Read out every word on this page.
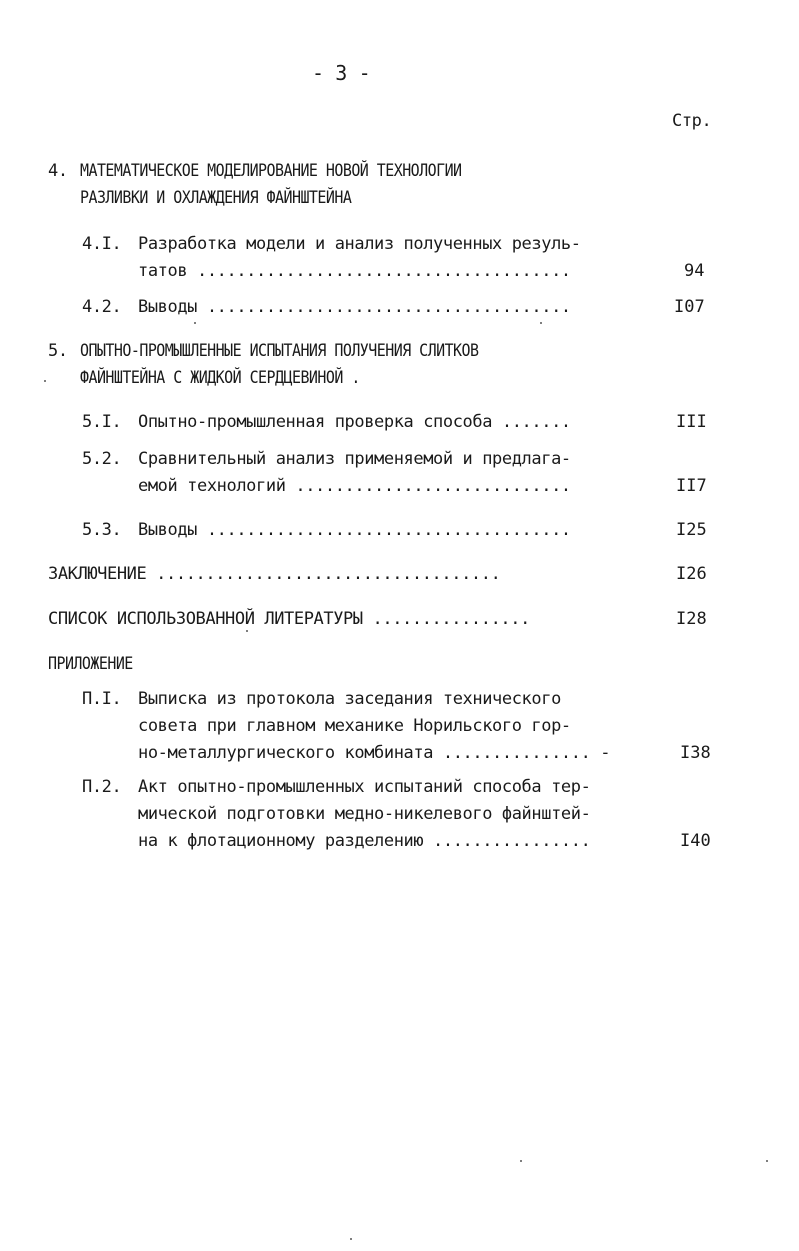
- 3 -
Стр.
4. МАТЕМАТИЧЕСКОЕ МОДЕЛИРОВАНИЕ НОВОЙ ТЕХНОЛОГИИ
РАЗЛИВКИ И ОХЛАЖДЕНИЯ ФАЙНШТЕЙНА
4.I. Разработка модели и анализ полученных резуль-
татов ......................................	94
4.2. Выводы .....................................	I07
5. ОПЫТНО-ПРОМЫШЛЕННЫЕ ИСПЫТАНИЯ ПОЛУЧЕНИЯ СЛИТКОВ
ФАЙНШТЕЙНА С ЖИДКОЙ СЕРДЦЕВИНОЙ .
5.I. Опытно-промышленная проверка способа .......	III
5.2. Сравнительный анализ применяемой и предлага-
емой технологий ............................	II7
5.3. Выводы .....................................	I25
ЗАКЛЮЧЕНИЕ ...................................	I26
СПИСОК ИСПОЛЬЗОВАННОЙ ЛИТЕРАТУРЫ ................	I28
ПРИЛОЖЕНИЕ
П.I. Выписка из протокола заседания технического
совета при главном механике Норильского гор-
но-металлургического комбината ............... -	I38
П.2. Акт опытно-промышленных испытаний способа тер-
мической подготовки медно-никелевого файнштей-
на к флотационному разделению ................	I40
